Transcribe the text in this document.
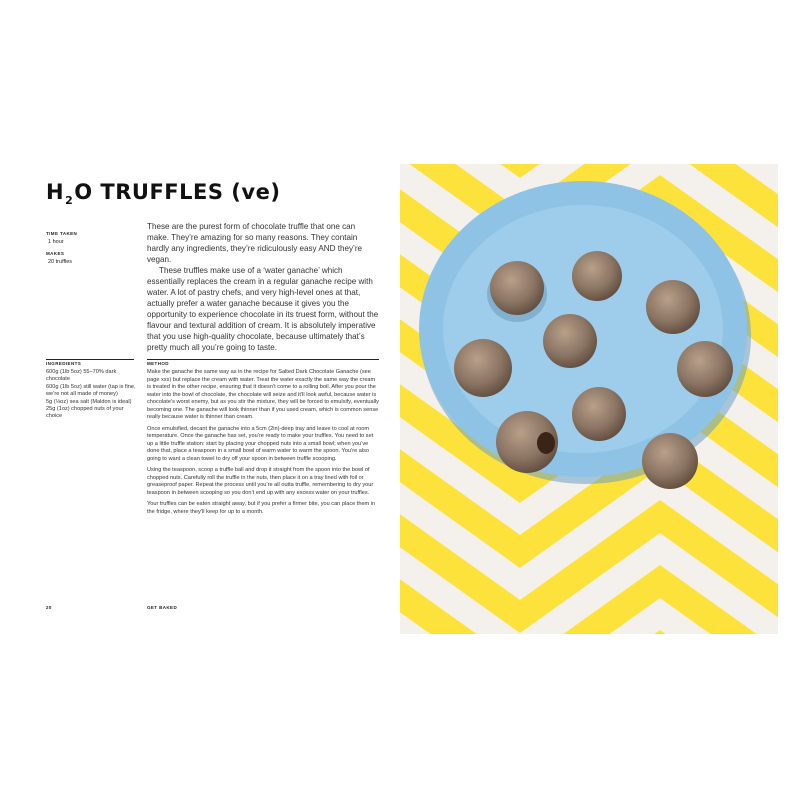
$H_2O$ TRUFFLES (ve)
TIME TAKEN
1 hour
MAKES
20 truffles

These are the purest form of chocolate truffle that one can make. They’re amazing for so many reasons. They contain hardly any ingredients, they’re ridiculously easy AND they’re vegan.

These truffles make use of a ‘water ganache’ which essentially replaces the cream in a regular ganache recipe with water. A lot of pastry chefs, and very high-level ones at that, actually prefer a water ganache because it gives you the opportunity to experience chocolate in its truest form, without the flavour and textural addition of cream. It is absolutely imperative that you use high-quality chocolate, because ultimately that’s pretty much all you’re going to taste.

INGREDIENTS	METHOD
600g (1lb 5oz) 55–70% dark chocolate
600g (1lb 5oz) still water (tap is fine, we’re not all made of money)
5g (⅛oz) sea salt (Maldon is ideal)
25g (1oz) chopped nuts of your choice

Make the ganache the same way as in the recipe for Salted Dark Chocolate Ganache (see page xxx) but replace the cream with water. Treat the water exactly the same way the cream is treated in the other recipe, ensuring that it doesn’t come to a rolling boil. After you pour the water into the bowl of chocolate, the chocolate will seize and it’ll look awful, because water is chocolate’s worst enemy, but as you stir the mixture, they will be forced to emulsify, eventually becoming one. The ganache will look thinner than if you used cream, which is common sense really because water is thinner than cream.

Once emulsified, decant the ganache into a 5cm (2in)-deep tray and leave to cool at room temperature. Once the ganache has set, you’re ready to make your truffles. You need to set up a little truffle station: start by placing your chopped nuts into a small bowl; when you’ve done that, place a teaspoon in a small bowl of warm water to warm the spoon. You’re also going to want a clean towel to dry off your spoon in between truffle scooping.

Using the teaspoon, scoop a truffle ball and drop it straight from the spoon into the bowl of chopped nuts. Carefully roll the truffle in the nuts, then place it on a tray lined with foil or greaseproof paper. Repeat the process until you’re all outta truffle, remembering to dry your teaspoon in between scooping so you don’t end up with any excess water on your truffles.

Your truffles can be eaten straight away, but if you prefer a firmer bite, you can place them in the fridge, where they’ll keep for up to a month.

20	GET BAKED
